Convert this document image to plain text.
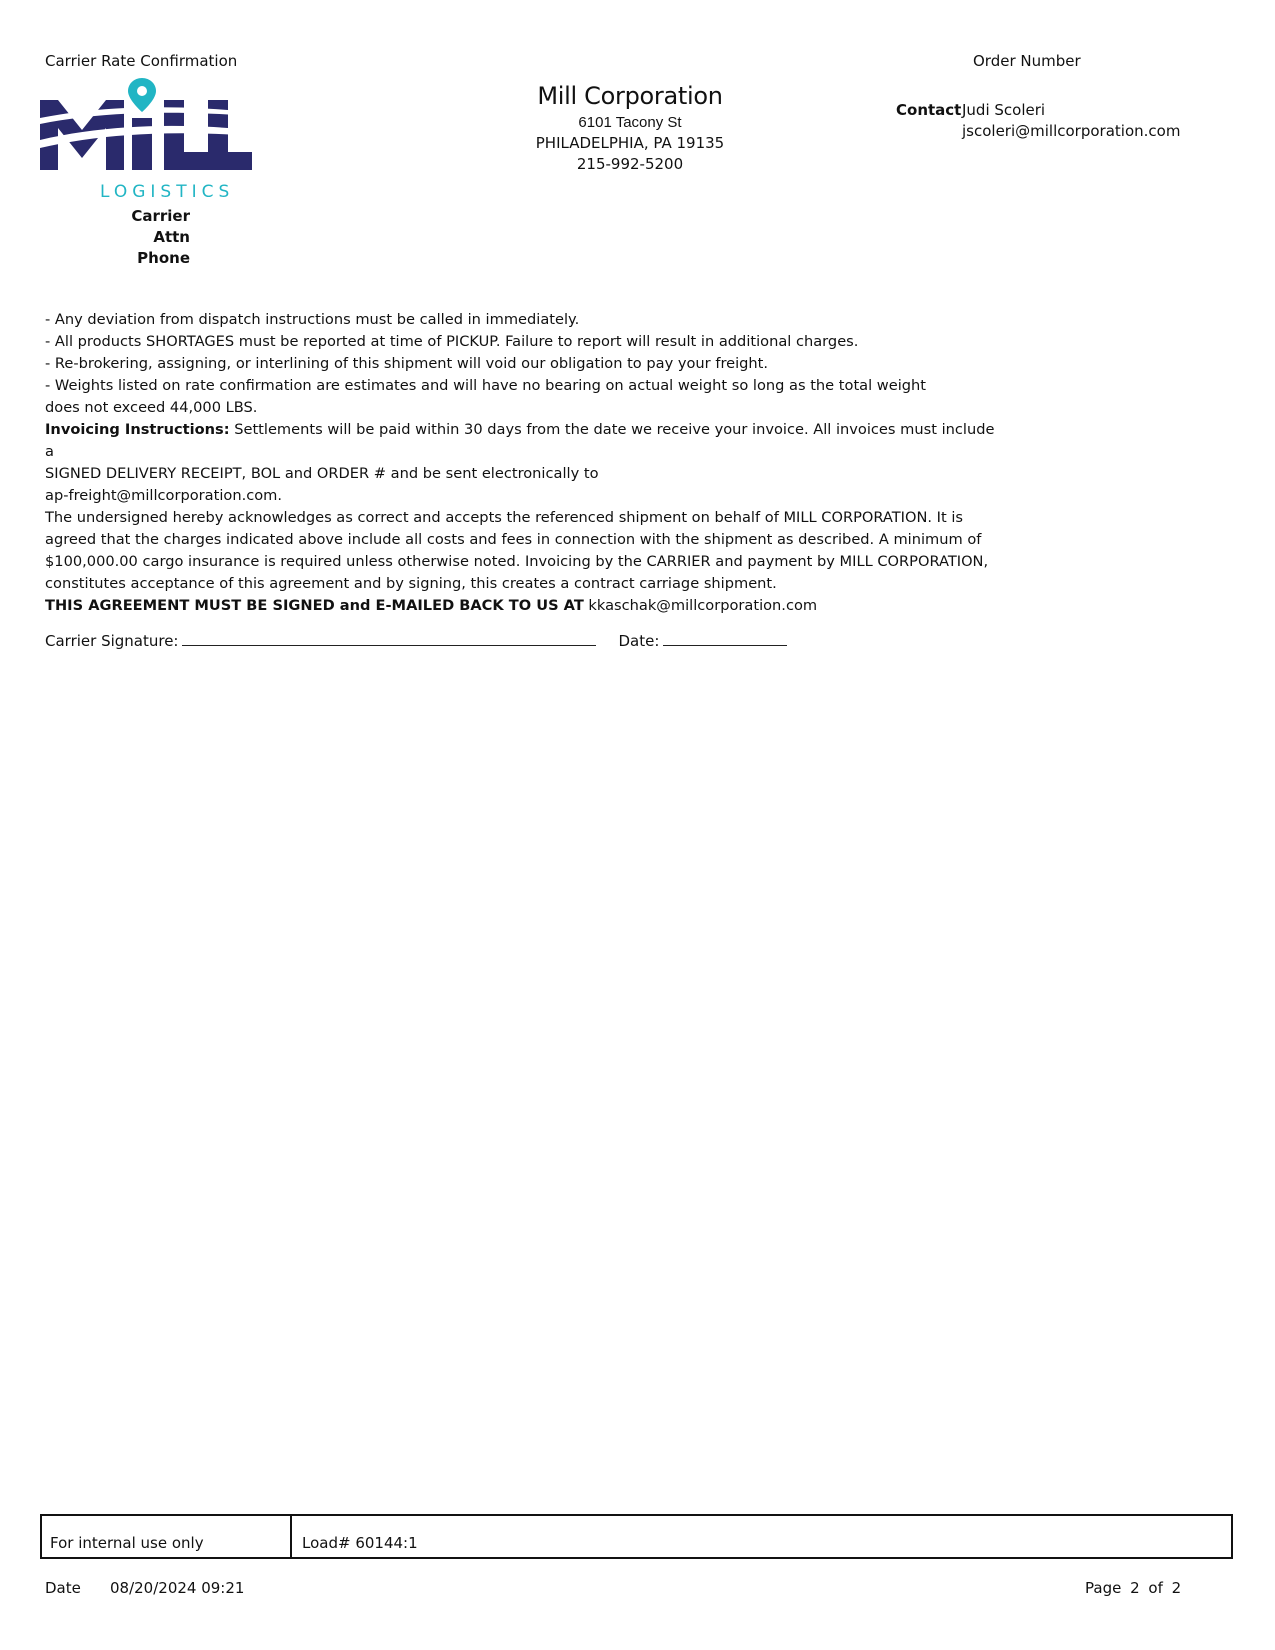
Carrier Rate Confirmation	Order Number
LOGISTICS
Mill Corporation
6101 Tacony St
PHILADELPHIA, PA 19135
215-992-5200
Contact Judi Scoleri
jscoleri@millcorporation.com
Carrier
Attn
Phone

- Any deviation from dispatch instructions must be called in immediately.

- All products SHORTAGES must be reported at time of PICKUP. Failure to report will result in additional charges.

- Re-brokering, assigning, or interlining of this shipment will void our obligation to pay your freight.

- Weights listed on rate confirmation are estimates and will have no bearing on actual weight so long as the total weight

does not exceed 44,000 LBS.

Invoicing Instructions: Settlements will be paid within 30 days from the date we receive your invoice. All invoices must include a

SIGNED DELIVERY RECEIPT, BOL and ORDER # and be sent electronically to

ap-freight@millcorporation.com.

The undersigned hereby acknowledges as correct and accepts the referenced shipment on behalf of MILL CORPORATION. It is

agreed that the charges indicated above include all costs and fees in connection with the shipment as described. A minimum of

$100,000.00 cargo insurance is required unless otherwise noted. Invoicing by the CARRIER and payment by MILL CORPORATION,

constitutes acceptance of this agreement and by signing, this creates a contract carriage shipment.

THIS AGREEMENT MUST BE SIGNED and E-MAILED BACK TO US AT kkaschak@millcorporation.com

Carrier Signature:	Date:
For internal use only	Load# 60144:1
Date 08/20/2024 09:21	Page 2 of 2
